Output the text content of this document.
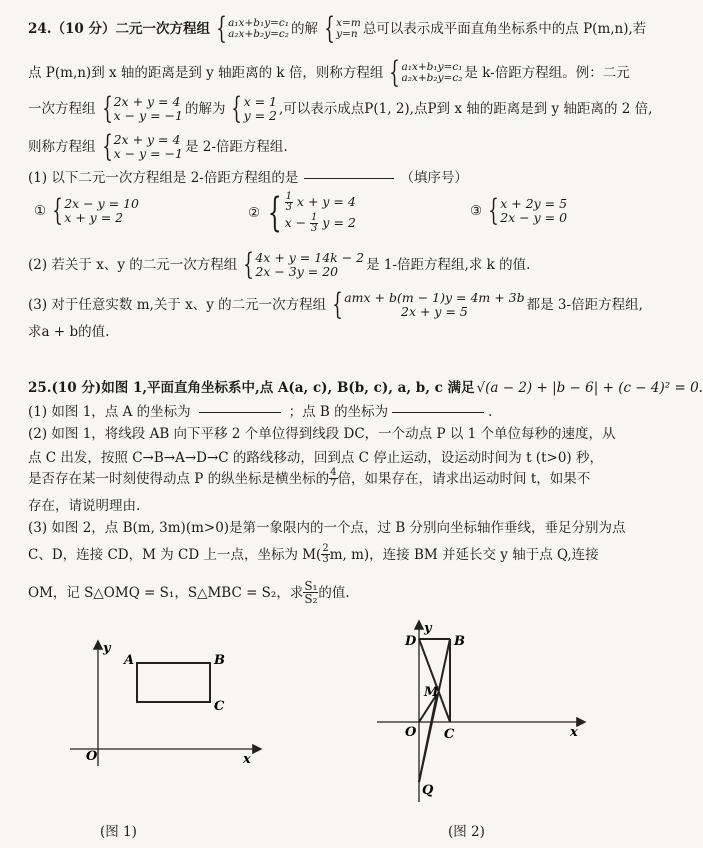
24.（10 分）二元一次方程组 { a₁x+b₁y=c₁
a₂x+b₂y=c₂ 的解 { x=m
y=n 总可以表示成平面直角坐标系中的点 P(m,n),若
点 P(m,n)到 x 轴的距离是到 y 轴距离的 k 倍，则称方程组 { a₁x+b₁y=c₁
a₂x+b₂y=c₂ 是 k-倍距方程组。例：二元
一次方程组 { 2x + y = 4
x − y = −1 的解为 { x = 1
y = 2 ,可以表示成点P(1, 2),点P到 x 轴的距离是到 y 轴距离的 2 倍,
则称方程组 { 2x + y = 4
x − y = −1 是 2-倍距方程组.
(1) 以下二元一次方程组是 2-倍距方程组的是	（填序号）
① { 2x − y = 10
x + y = 2	② { $\frac{1}{3}$ x + y = 4
$x - \frac{1}{3}$ y = 2
③ { x + 2y = 5
2x − y = 0
(2) 若关于 x、y 的二元一次方程组 { 4x + y = 14k − 2
2x − 3y = 20	是 1-倍距方程组,求 k 的值.
(3) 对于任意实数 m,关于 x、y 的二元一次方程组 { amx + b(m − 1)y = 4m + 3b
2x + y = 5	都是 3-倍距方程组,
求a + b的值.
25.(10 分)如图 1,平面直角坐标系中,点 A(a, c), B(b, c), a, b, c 满足 √(a − 2) + |b − 6| + (c − 4)² = 0.
(1) 如图 1，点 A 的坐标为	；点 B 的坐标为	.
(2) 如图 1，将线段 AB 向下平移 2 个单位得到线段 DC，一个动点 P 以 1 个单位每秒的速度，从
点 C 出发，按照 C→B→A→D→C 的路线移动，回到点 C 停止运动，设运动时间为 t (t>0) 秒，
是否存在某一时刻使得动点 P 的纵坐标是横坐标的 $\frac{4}{7}$ 倍，如果存在，请求出运动时间 t，如果不
存在，请说明理由.
(3) 如图 2，点 B(m, 3m)(m>0)是第一象限内的一个点，过 B 分别向坐标轴作垂线，垂足分别为点
C、D，连接 CD，M 为 CD 上一点，坐标为 $M( \frac{2}{3} m$, m)，连接 BM 并延长交 y 轴于点 Q,连接
OM，记 S△OMQ = S₁，S△MBC = S₂，求 $\frac{\text{S₁}}{\text{S₂}}$ 的值.
y
x
O
A	B
C
(图 1)
y
x
O
D	B
M
C
Q
(图 2)
